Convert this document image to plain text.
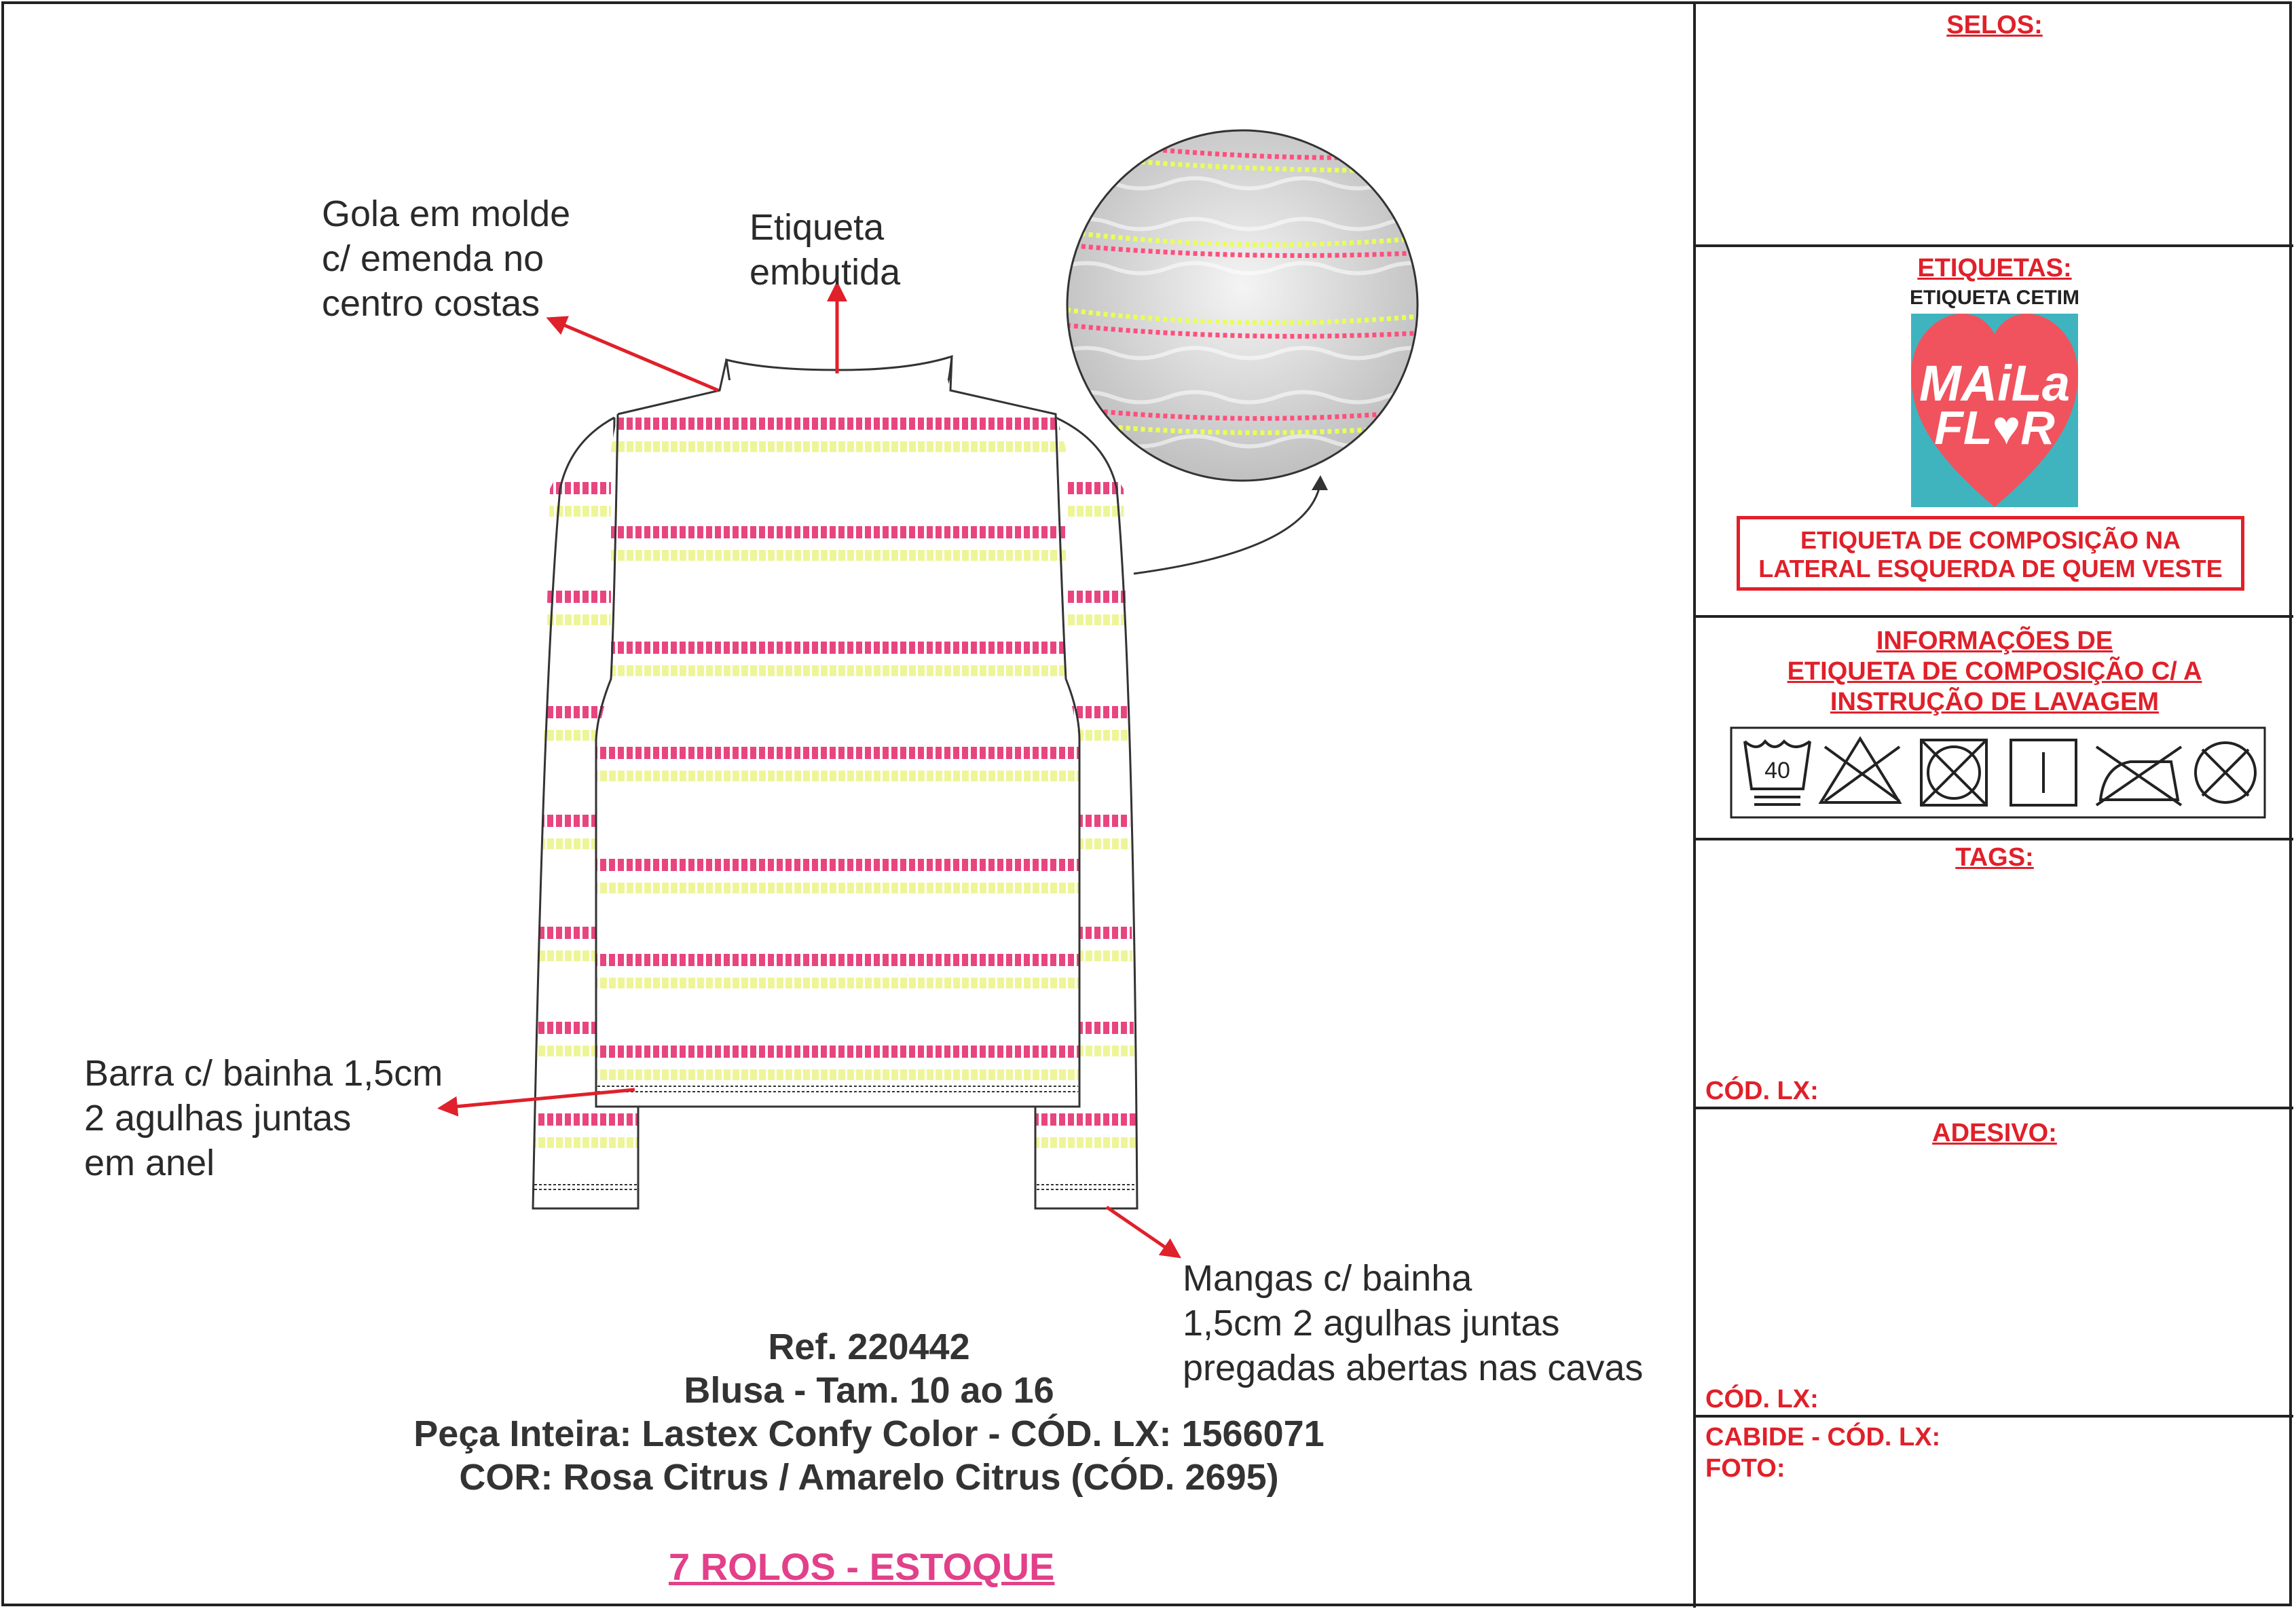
Gola em molde
c/ emenda no
centro costas
Etiqueta
embutida
Barra c/ bainha 1,5cm
2 agulhas juntas
em anel
Mangas c/ bainha
1,5cm 2 agulhas juntas
pregadas abertas nas cavas
Ref. 220442
Blusa - Tam. 10 ao 16
Peça Inteira: Lastex Confy Color - CÓD. LX: 1566071
COR: Rosa Citrus / Amarelo Citrus (CÓD. 2695)
7 ROLOS - ESTOQUE
SELOS:
ETIQUETAS:
ETIQUETA CETIM
MAiLa
FL♥R
ETIQUETA DE COMPOSIÇÃO NA
LATERAL ESQUERDA DE QUEM VESTE
INFORMAÇÕES DE
ETIQUETA DE COMPOSIÇÃO C/ A
INSTRUÇÃO DE LAVAGEM
40
TAGS:
CÓD. LX:
ADESIVO:
CÓD. LX:
CABIDE - CÓD. LX:
FOTO:
